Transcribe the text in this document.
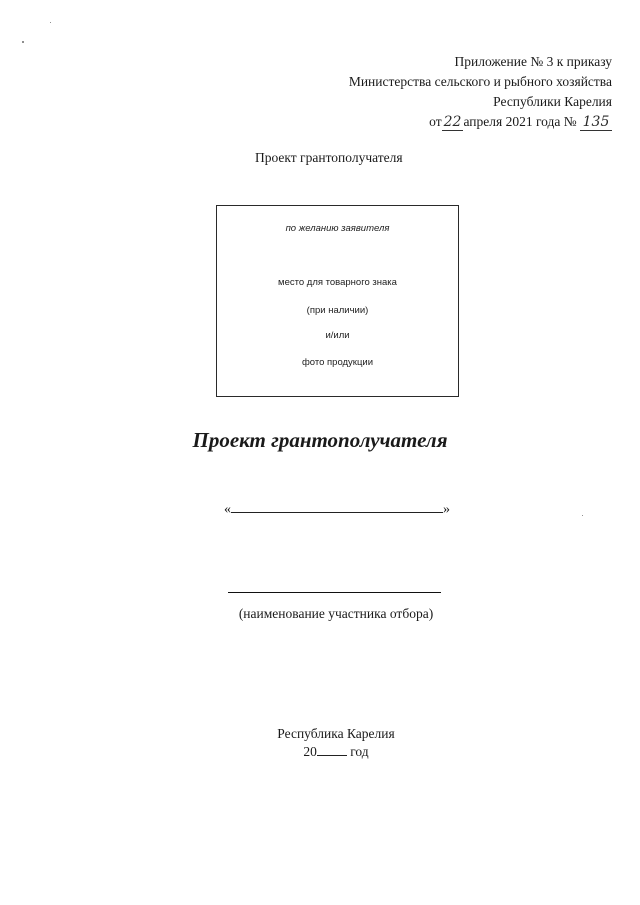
Приложение № 3 к приказу
Министерства сельского и рыбного хозяйства
Республики Карелия
от 22 апреля 2021 года № 135
Проект грантополучателя
по желанию заявителя
место для товарного знака
(при наличии)
и/или
фото продукции
Проект грантополучателя
«	»
(наименование участника отбора)
Республика Карелия
20 год
